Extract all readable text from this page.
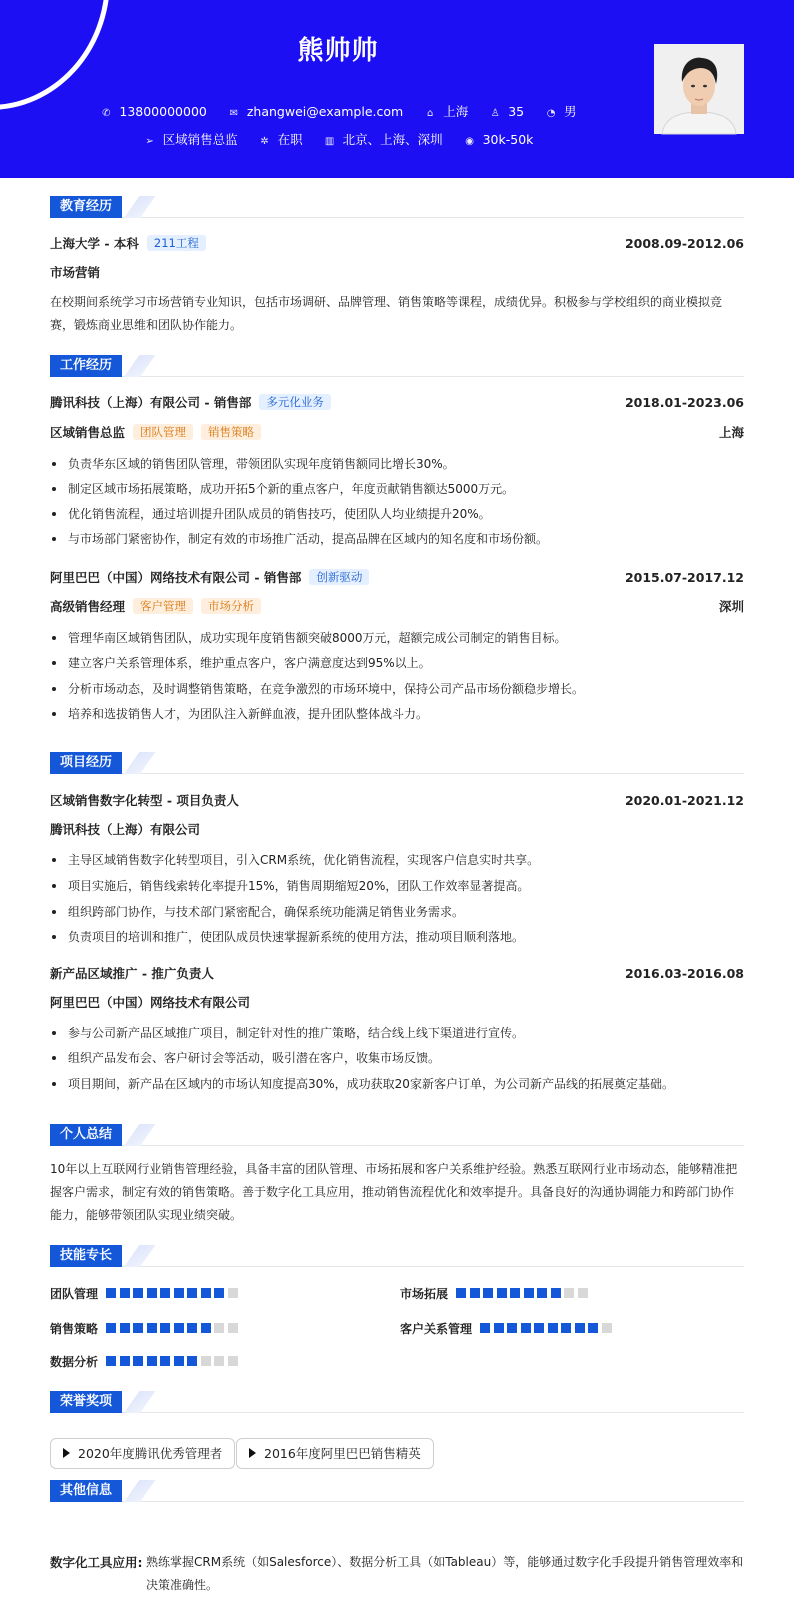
熊帅帅
✆ 13800000000 ✉ zhangwei@example.com ⌂ 上海 ♙ 35 ◔ 男
➢ 区域销售总监 ✲ 在职 ▥ 北京、上海、深圳 ◉ 30k-50k
教育经历
上海大学 - 本科 211工程	2008.09-2012.06
市场营销
在校期间系统学习市场营销专业知识，包括市场调研、品牌管理、销售策略等课程，成绩优异。积极参与学校组织的商业模拟竞赛，锻炼商业思维和团队协作能力。
工作经历
腾讯科技（上海）有限公司 - 销售部 多元化业务	2018.01-2023.06
区域销售总监 团队管理 销售策略	上海
负责华东区域的销售团队管理，带领团队实现年度销售额同比增长30%。
制定区域市场拓展策略，成功开拓5个新的重点客户，年度贡献销售额达5000万元。
优化销售流程，通过培训提升团队成员的销售技巧，使团队人均业绩提升20%。
与市场部门紧密协作，制定有效的市场推广活动，提高品牌在区域内的知名度和市场份额。
阿里巴巴（中国）网络技术有限公司 - 销售部 创新驱动	2015.07-2017.12
高级销售经理 客户管理 市场分析	深圳
管理华南区域销售团队，成功实现年度销售额突破8000万元，超额完成公司制定的销售目标。
建立客户关系管理体系，维护重点客户，客户满意度达到95%以上。
分析市场动态，及时调整销售策略，在竞争激烈的市场环境中，保持公司产品市场份额稳步增长。
培养和选拔销售人才，为团队注入新鲜血液，提升团队整体战斗力。
项目经历
区域销售数字化转型 - 项目负责人	2020.01-2021.12
腾讯科技（上海）有限公司
主导区域销售数字化转型项目，引入CRM系统，优化销售流程，实现客户信息实时共享。
项目实施后，销售线索转化率提升15%，销售周期缩短20%，团队工作效率显著提高。
组织跨部门协作，与技术部门紧密配合，确保系统功能满足销售业务需求。
负责项目的培训和推广，使团队成员快速掌握新系统的使用方法，推动项目顺利落地。
新产品区域推广 - 推广负责人	2016.03-2016.08
阿里巴巴（中国）网络技术有限公司
参与公司新产品区域推广项目，制定针对性的推广策略，结合线上线下渠道进行宣传。
组织产品发布会、客户研讨会等活动，吸引潜在客户，收集市场反馈。
项目期间，新产品在区域内的市场认知度提高30%，成功获取20家新客户订单，为公司新产品线的拓展奠定基础。
个人总结
10年以上互联网行业销售管理经验，具备丰富的团队管理、市场拓展和客户关系维护经验。熟悉互联网行业市场动态，能够精准把握客户需求，制定有效的销售策略。善于数字化工具应用，推动销售流程优化和效率提升。具备良好的沟通协调能力和跨部门协作能力，能够带领团队实现业绩突破。
技能专长
团队管理	市场拓展
销售策略	客户关系管理
数据分析
荣誉奖项
2020年度腾讯优秀管理者	2016年度阿里巴巴销售精英
其他信息
数字化工具应用: 熟练掌握CRM系统（如Salesforce）、数据分析工具（如Tableau）等，能够通过数字化手段提升销售管理效率和决策准确性。
